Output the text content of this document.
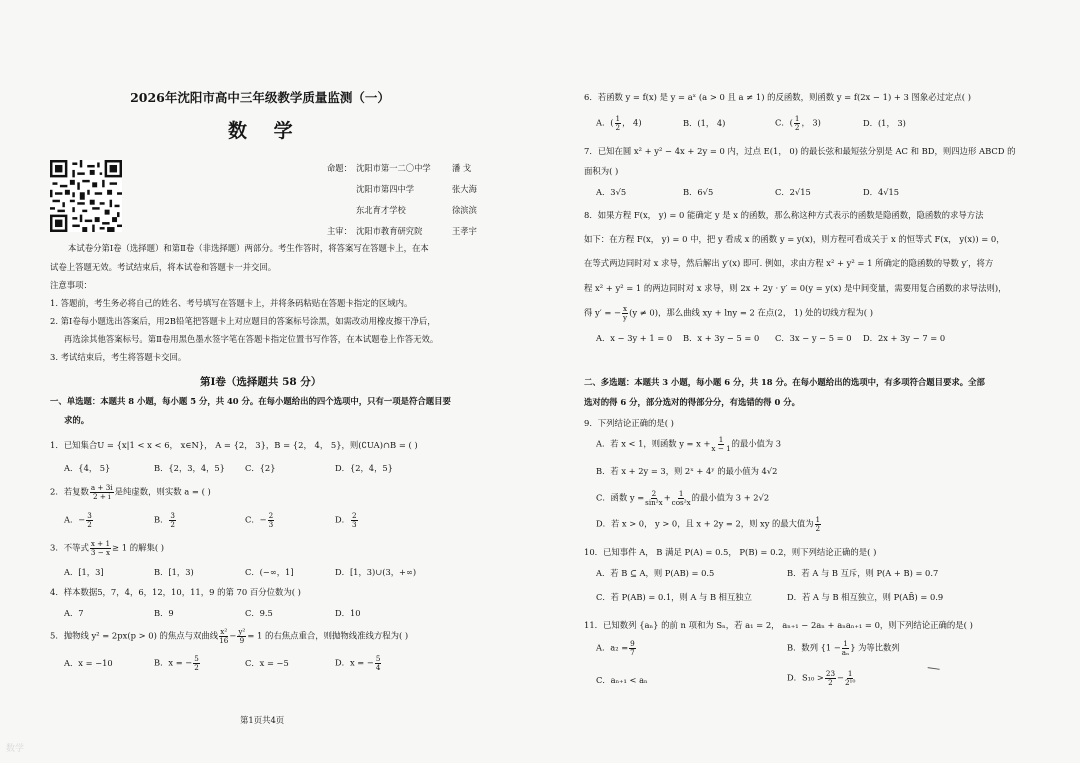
2026年沈阳市高中三年级教学质量监测（一）
数 学
命题： 沈阳市第一二〇中学	潘 戈
沈阳市第四中学	张大海
东北育才学校	徐滨滨
主审： 沈阳市教育研究院	王孝宇
本试卷分第Ⅰ卷（选择题）和第Ⅱ卷（非选择题）两部分。考生作答时，将答案写在答题卡上，在本
试卷上答题无效。考试结束后，将本试卷和答题卡一并交回。
注意事项：
1. 答题前，考生务必将自己的姓名、考号填写在答题卡上，并将条码粘贴在答题卡指定的区域内。
2. 第Ⅰ卷每小题选出答案后，用2B铅笔把答题卡上对应题目的答案标号涂黑，如需改动用橡皮擦干净后，
再选涂其他答案标号。第Ⅱ卷用黑色墨水签字笔在答题卡指定位置书写作答，在本试题卷上作答无效。
3. 考试结束后，考生将答题卡交回。
第Ⅰ卷（选择题共 58 分）
一、单选题：本题共 8 小题，每小题 5 分，共 40 分。在每小题给出的四个选项中，只有一项是符合题目要
求的。
1．已知集合U = {x|1 < x < 6， x∈N}， A = {2， 3}，B = {2， 4， 5}，则(∁UA)∩B = ( )
A．{4， 5}	B．{2，3，4，5} C．{2}	D．{2，4，5}
2．若复数 $\frac{a + 3i}{2 + i}$ 是纯虚数，则实数 a = ( )
A．− $\frac{3}{2}$	B． $\frac{3}{2}$	C．− $\frac{2}{3}$	D． $\frac{2}{3}$
3．不等式 $\frac{x + 1}{3 - x} \ge 1$ 的解集( )
A．[1，3]	B．[1，3)	C．(−∞，1]	D．[1，3)∪(3，+∞)
4．样本数据5，7，4，6，12，10，11，9 的第 70 百分位数为( )
A．7	B．9	C．9.5	D．10
5．抛物线 y² = 2px(p > 0) 的焦点与双曲线 $\frac{\text{x²}}{16} - \frac{\text{y²}}{9} = 1$ 的右焦点重合，则抛物线准线方程为( )
A．x = −10	B．x = − $\frac{5}{2}$	C．x = −5	D．x = − $\frac{5}{4}$
第1页共4页
数学
6．若函数 y = f(x) 是 y = aˣ (a > 0 且 a ≠ 1) 的反函数，则函数 y = f(2x − 1) + 3 图象必过定点( )
A．( $\frac{1}{2}$ ， 4)	B．(1， 4)	C．( $\frac{1}{2}$ ， 3)	D．(1， 3)
7．已知在圆 x² + y² − 4x + 2y = 0 内，过点 E(1， 0) 的最长弦和最短弦分别是 AC 和 BD，则四边形 ABCD 的
面积为( )
A．3√5	B．6√5	C．2√15	D．4√15
8．如果方程 F(x， y) = 0 能确定 y 是 x 的函数，那么称这种方式表示的函数是隐函数，隐函数的求导方法
如下：在方程 F(x， y) = 0 中，把 y 看成 x 的函数 y = y(x)，则方程可看成关于 x 的恒等式 F(x， y(x)) = 0，
在等式两边同时对 x 求导，然后解出 y′(x) 即可. 例如，求由方程 x² + y² = 1 所确定的隐函数的导数 y′，将方
程 x² + y² = 1 的两边同时对 x 求导，则 2x + 2y · y′ = 0(y = y(x) 是中间变量，需要用复合函数的求导法则)，
得 y′ = − $\frac{x}{y} (y \ne 0)$，那么曲线 xy + lny = 2 在点(2， 1) 处的切线方程为( )
A．x − 3y + 1 = 0 B．x + 3y − 5 = 0 C．3x − y − 5 = 0 D．2x + 3y − 7 = 0
二、多选题：本题共 3 小题，每小题 6 分，共 18 分。在每小题给出的选项中，有多项符合题目要求。全部
选对的得 6 分，部分选对的得部分分，有选错的得 0 分。
9．下列结论正确的是( )
A．若 x < 1，则函数 $y = x + \frac{1}{x - 1}$ 的最小值为 3
B．若 x + 2y = 3，则 2ˣ + 4ʸ 的最小值为 4√2
C．函数 $y = \frac{2}{\text{sin²x}} + \frac{1}{\text{cos²x}}$ 的最小值为 3 + 2√2
D．若 x > 0， y > 0，且 x + 2y = 2，则 xy 的最大值为 $\frac{1}{2}$
10．已知事件 A， B 满足 P(A) = 0.5， P(B) = 0.2，则下列结论正确的是( )
A．若 B ⊆ A，则 P(AB) = 0.5	B．若 A 与 B 互斥，则 P(A + B) = 0.7
C．若 P(AB) = 0.1，则 A 与 B 相互独立	D．若 A 与 B 相互独立，则 P(AB̄) = 0.9
11．已知数列 {aₙ} 的前 n 项和为 Sₙ，若 a₁ = 2， aₙ₊₁ − 2aₙ + aₙaₙ₊₁ = 0，则下列结论正确的是( )
A．$a_2 = \frac{9}{7}$	B．数列 {$1 - \frac{1}{\text{aₙ}}$ } 为等比数列
C．aₙ₊₁ < aₙ	D．$S_{10} > \frac{23}{2} - \frac{1}{\text{2¹⁰}}$
